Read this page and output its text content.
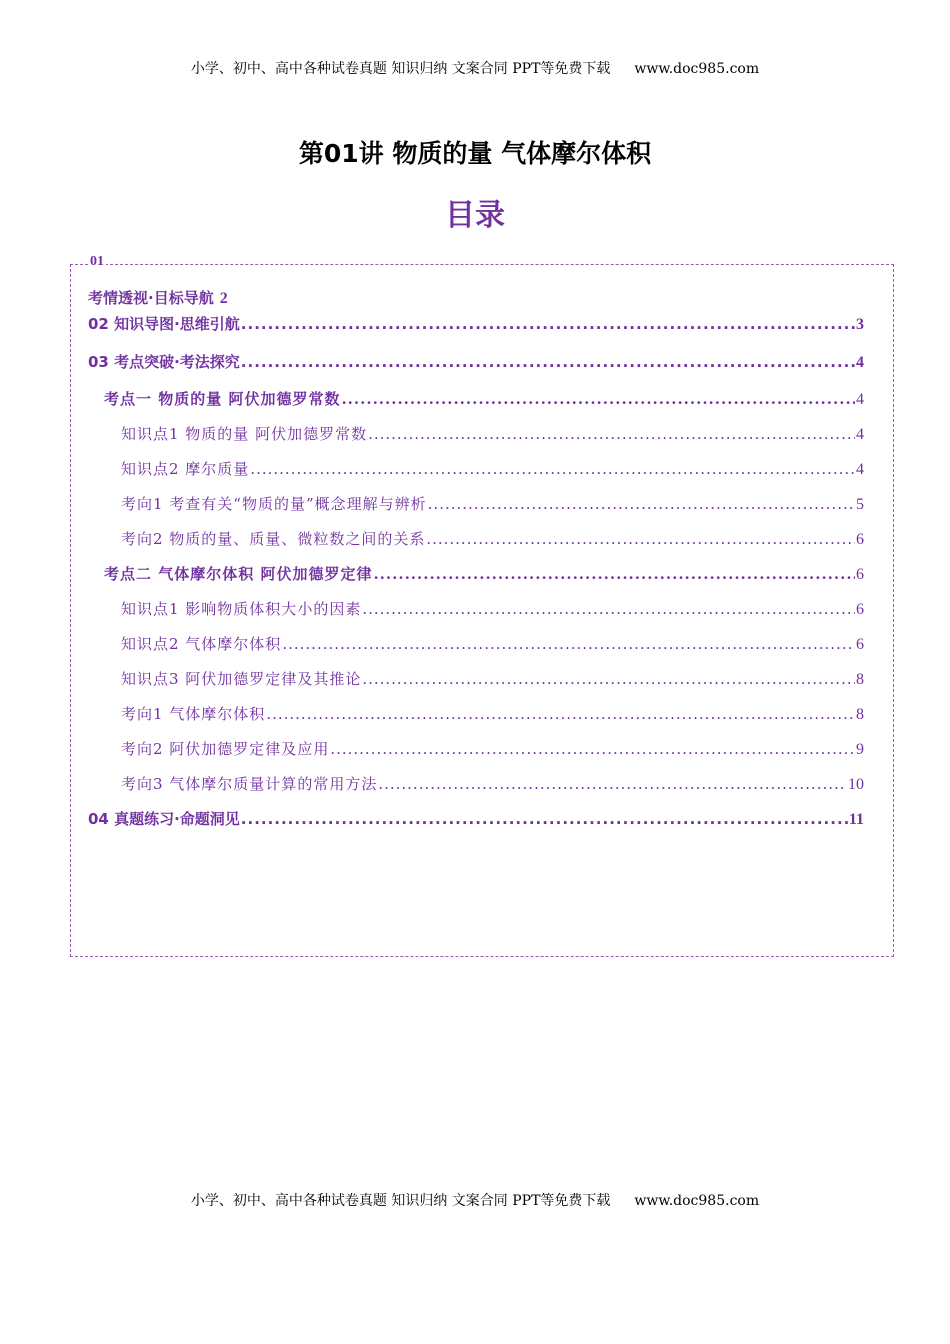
小学、初中、高中各种试卷真题 知识归纳 文案合同 PPT等免费下载 www.doc985.com
第01讲 物质的量 气体摩尔体积
目录
01
考情透视·目标导航 2
02 知识导图·思维引航 .....	3
03 考点突破·考法探究 .....	4
考点一 物质的量 阿伏加德罗常数 .....	4
知识点1 物质的量 阿伏加德罗常数 .....	4
知识点2 摩尔质量 .....	4
考向1 考查有关“物质的量”概念理解与辨析 .....	5
考向2 物质的量、质量、微粒数之间的关系 .....	6
考点二 气体摩尔体积 阿伏加德罗定律 .....	6
知识点1 影响物质体积大小的因素 .....	6
知识点2 气体摩尔体积 .....	6
知识点3 阿伏加德罗定律及其推论 .....	8
考向1 气体摩尔体积 .....	8
考向2 阿伏加德罗定律及应用 .....	9
考向3 气体摩尔质量计算的常用方法 .....	10
04 真题练习·命题洞见 .....	11
小学、初中、高中各种试卷真题 知识归纳 文案合同 PPT等免费下载 www.doc985.com
